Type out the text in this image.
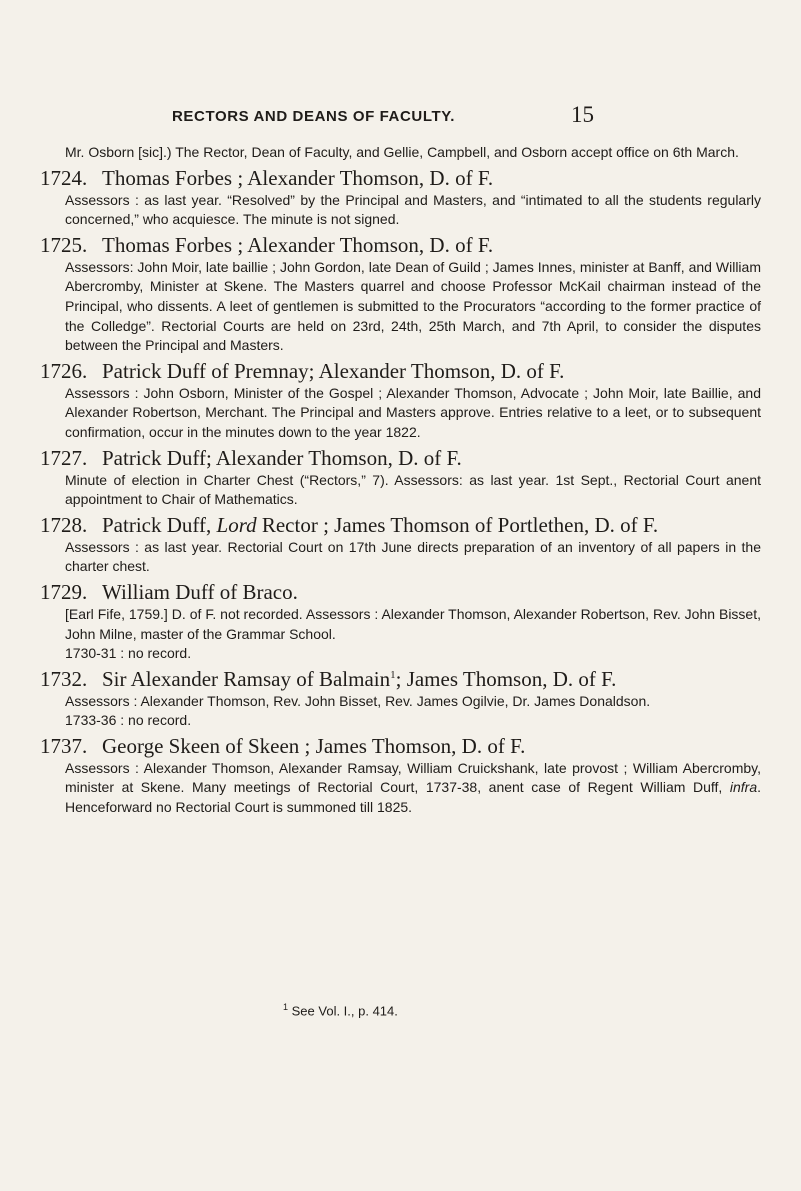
RECTORS AND DEANS OF FACULTY.	15

Mr. Osborn [sic].) The Rector, Dean of Faculty, and Gellie, Campbell, and Osborn accept office on 6th March.

1724. Thomas Forbes ; Alexander Thomson, D. of F.

Assessors : as last year. “Resolved” by the Principal and Masters, and “intimated to all the students regularly concerned,” who acquiesce. The minute is not signed.

1725. Thomas Forbes ; Alexander Thomson, D. of F.

Assessors: John Moir, late baillie ; John Gordon, late Dean of Guild ; James Innes, minister at Banff, and William Abercromby, Minister at Skene. The Masters quarrel and choose Professor McKail chairman instead of the Principal, who dissents. A leet of gentlemen is submitted to the Procurators “according to the former practice of the Colledge”. Rectorial Courts are held on 23rd, 24th, 25th March, and 7th April, to consider the disputes between the Principal and Masters.

1726. Patrick Duff of Premnay; Alexander Thomson, D. of F.

Assessors : John Osborn, Minister of the Gospel ; Alexander Thomson, Advocate ; John Moir, late Baillie, and Alexander Robertson, Merchant. The Principal and Masters approve. Entries relative to a leet, or to subsequent confirmation, occur in the minutes down to the year 1822.

1727. Patrick Duff; Alexander Thomson, D. of F.

Minute of election in Charter Chest (“Rectors,” 7). Assessors: as last year. 1st Sept., Rectorial Court anent appointment to Chair of Mathematics.

1728. Patrick Duff, Lord Rector ; James Thomson of Portlethen, D. of F.

Assessors : as last year. Rectorial Court on 17th June directs preparation of an inventory of all papers in the charter chest.

1729. William Duff of Braco.

[Earl Fife, 1759.] D. of F. not recorded. Assessors : Alexander Thomson, Alexander Robertson, Rev. John Bisset, John Milne, master of the Grammar School.

1730-31 : no record.

1732. Sir Alexander Ramsay of Balmain$^1$; James Thomson, D. of F.

Assessors : Alexander Thomson, Rev. John Bisset, Rev. James Ogilvie, Dr. James Donaldson.

1733-36 : no record.

1737. George Skeen of Skeen ; James Thomson, D. of F.

Assessors : Alexander Thomson, Alexander Ramsay, William Cruickshank, late provost ; William Abercromby, minister at Skene. Many meetings of Rectorial Court, 1737-38, anent case of Regent William Duff, infra. Henceforward no Rectorial Court is summoned till 1825.

$^1$ See Vol. I., p. 414.
